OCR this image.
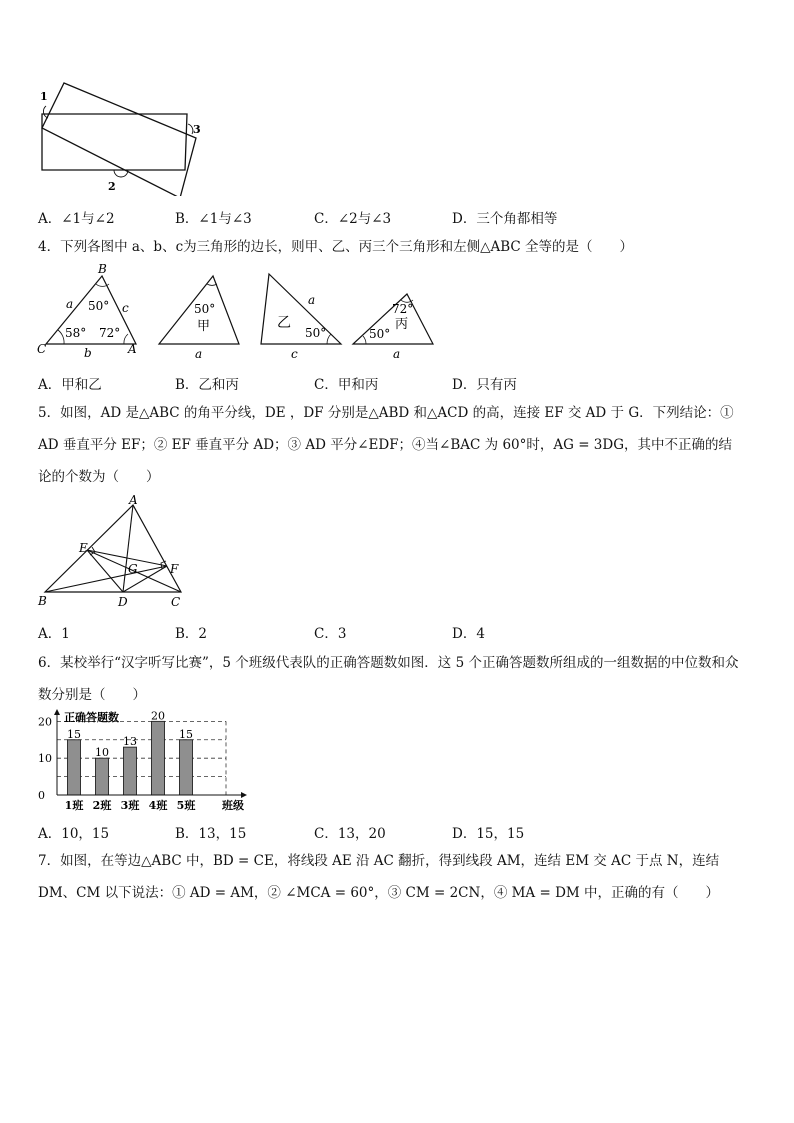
1
2
3
A．∠1与∠2	B．∠1与∠3	C．∠2与∠3	D．三个角都相等
4．下列各图中 a、b、c为三角形的边长，则甲、乙、丙三个三角形和左侧△ABC 全等的是（　　）
B
C	A
a	c
b
50°
58° 72°
50°
甲
a
乙
a
50°
c
72°
丙
50°
a
A．甲和乙	B．乙和丙	C．甲和丙	D．只有丙
5．如图，AD 是△ABC 的角平分线，DE ，DF 分别是△ABD 和△ACD 的高，连接 EF 交 AD 于 G．下列结论：①
AD 垂直平分 EF；② EF 垂直平分 AD；③ AD 平分∠EDF；④当∠BAC 为 60°时，AG = 3DG，其中不正确的结
论的个数为（　　）
A
E
G	F
B	D	C
A．1	B．2	C．3	D．4
6．某校举行“汉字听写比赛”，5 个班级代表队的正确答题数如图．这 5 个正确答题数所组成的一组数据的中位数和众
数分别是（　　）
正确答题数
班级
0
10
20
1班 2班 3班 4班 5班
15
10
13
20
15
A．10，15	B．13，15	C．13，20	D．15，15
7．如图，在等边△ABC 中，BD = CE，将线段 AE 沿 AC 翻折，得到线段 AM，连结 EM 交 AC 于点 N，连结
DM、CM 以下说法：① AD = AM，② ∠MCA = 60°，③ CM = 2CN，④ MA = DM 中，正确的有（　　）
